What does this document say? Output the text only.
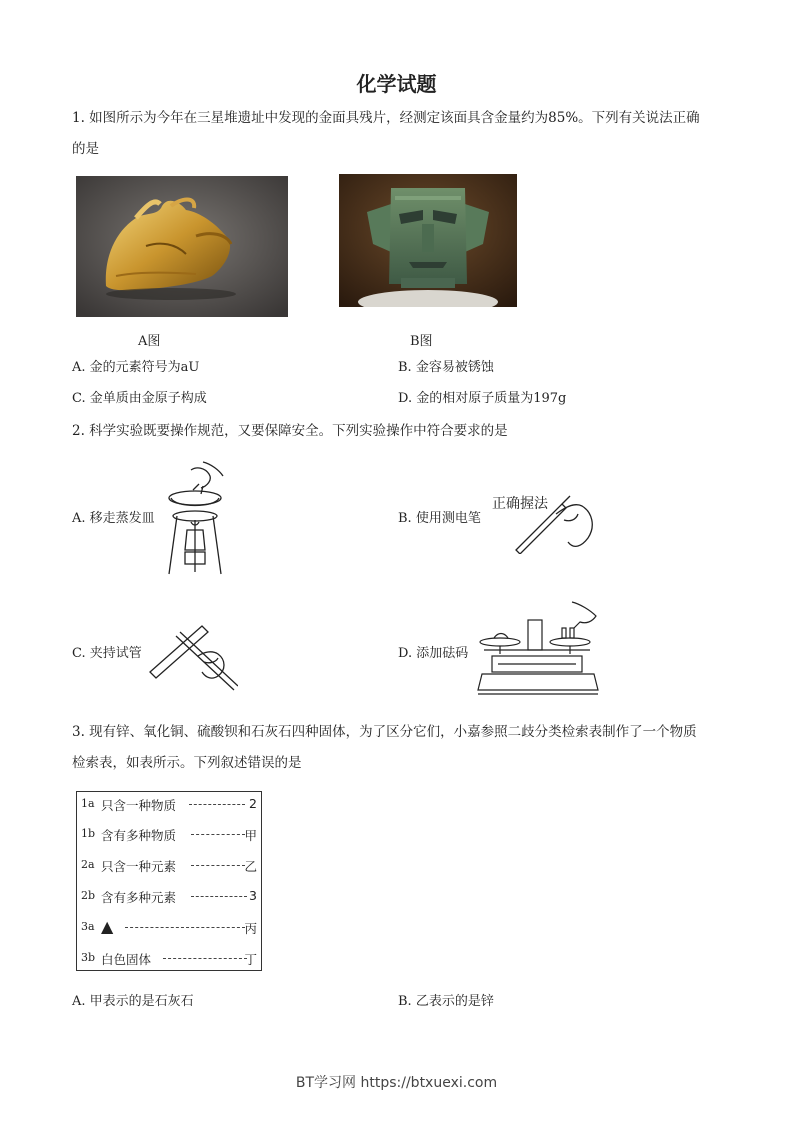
化学试题
1. 如图所示为今年在三星堆遗址中发现的金面具残片，经测定该面具含金量约为85%。下列有关说法正确
的是
A图	B图
A. 金的元素符号为aU	B. 金容易被锈蚀
C. 金单质由金原子构成	D. 金的相对原子质量为197g
2. 科学实验既要操作规范，又要保障安全。下列实验操作中符合要求的是
A. 移走蒸发皿	B. 使用测电笔
正确握法
C. 夹持试管	D. 添加砝码
3. 现有锌、氧化铜、硫酸钡和石灰石四种固体，为了区分它们，小嘉参照二歧分类检索表制作了一个物质
检索表，如表所示。下列叙述错误的是
1a 只含一种物质	2
1b 含有多种物质	甲
2a 只含一种元素	乙
2b 含有多种元素	3
3a ▲	丙
3b 白色固体	丁
A. 甲表示的是石灰石	B. 乙表示的是锌
BT学习网 https://btxuexi.com
